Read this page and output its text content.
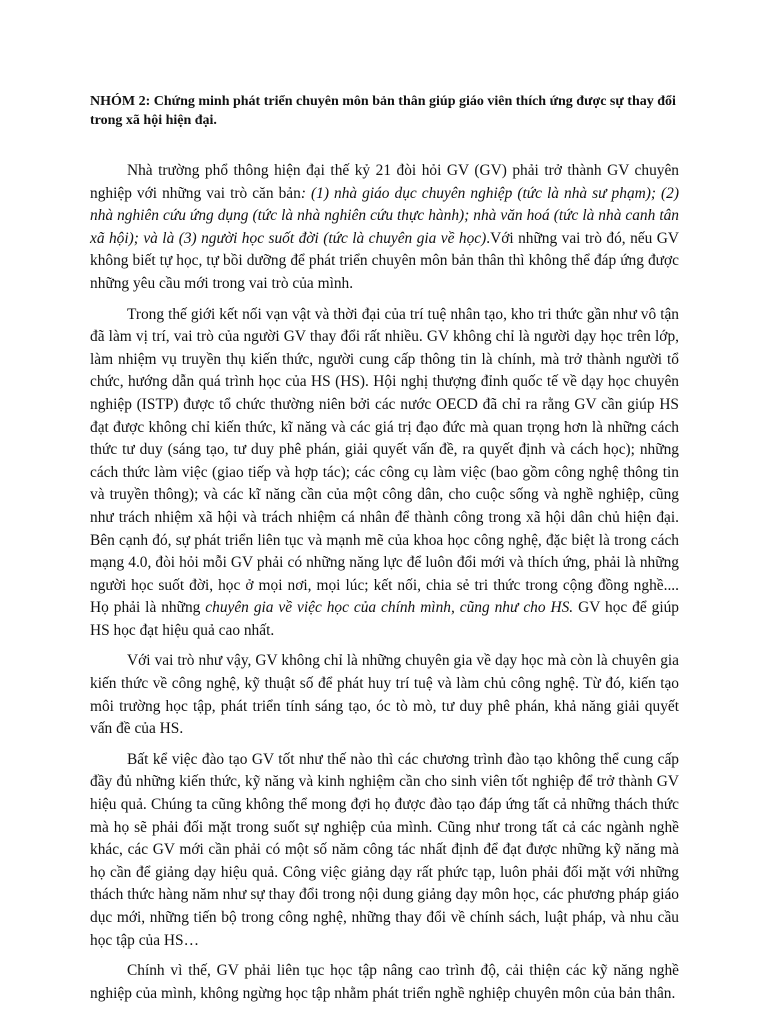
NHÓM 2: Chứng minh phát triển chuyên môn bản thân giúp giáo viên thích ứng được sự thay đổi trong xã hội hiện đại.

Nhà trường phổ thông hiện đại thế kỷ 21 đòi hỏi GV (GV) phải trở thành GV chuyên nghiệp với những vai trò căn bản: (1) nhà giáo dục chuyên nghiệp (tức là nhà sư phạm); (2) nhà nghiên cứu ứng dụng (tức là nhà nghiên cứu thực hành); nhà văn hoá (tức là nhà canh tân xã hội); và là (3) người học suốt đời (tức là chuyên gia về học).Với những vai trò đó, nếu GV không biết tự học, tự bồi dưỡng để phát triển chuyên môn bản thân thì không thể đáp ứng được những yêu cầu mới trong vai trò của mình.

Trong thế giới kết nối vạn vật và thời đại của trí tuệ nhân tạo, kho tri thức gần như vô tận đã làm vị trí, vai trò của người GV thay đổi rất nhiều. GV không chỉ là người dạy học trên lớp, làm nhiệm vụ truyền thụ kiến thức, người cung cấp thông tin là chính, mà trở thành người tổ chức, hướng dẫn quá trình học của HS (HS). Hội nghị thượng đỉnh quốc tế về dạy học chuyên nghiệp (ISTP) được tổ chức thường niên bởi các nước OECD đã chỉ ra rằng GV cần giúp HS đạt được không chỉ kiến thức, kĩ năng và các giá trị đạo đức mà quan trọng hơn là những cách thức tư duy (sáng tạo, tư duy phê phán, giải quyết vấn đề, ra quyết định và cách học); những cách thức làm việc (giao tiếp và hợp tác); các công cụ làm việc (bao gồm công nghệ thông tin và truyền thông); và các kĩ năng cần của một công dân, cho cuộc sống và nghề nghiệp, cũng như trách nhiệm xã hội và trách nhiệm cá nhân để thành công trong xã hội dân chủ hiện đại. Bên cạnh đó, sự phát triển liên tục và mạnh mẽ của khoa học công nghệ, đặc biệt là trong cách mạng 4.0, đòi hỏi mỗi GV phải có những năng lực để luôn đổi mới và thích ứng, phải là những người học suốt đời, học ở mọi nơi, mọi lúc; kết nối, chia sẻ tri thức trong cộng đồng nghề.... Họ phải là những chuyên gia về việc học của chính mình, cũng như cho HS. GV học để giúp HS học đạt hiệu quả cao nhất.

Với vai trò như vậy, GV không chỉ là những chuyên gia về dạy học mà còn là chuyên gia kiến thức về công nghệ, kỹ thuật số để phát huy trí tuệ và làm chủ công nghệ. Từ đó, kiến tạo môi trường học tập, phát triển tính sáng tạo, óc tò mò, tư duy phê phán, khả năng giải quyết vấn đề của HS.

Bất kể việc đào tạo GV tốt như thế nào thì các chương trình đào tạo không thể cung cấp đầy đủ những kiến thức, kỹ năng và kinh nghiệm cần cho sinh viên tốt nghiệp để trở thành GV hiệu quả. Chúng ta cũng không thể mong đợi họ được đào tạo đáp ứng tất cả những thách thức mà họ sẽ phải đối mặt trong suốt sự nghiệp của mình. Cũng như trong tất cả các ngành nghề khác, các GV mới cần phải có một số năm công tác nhất định để đạt được những kỹ năng mà họ cần để giảng dạy hiệu quả. Công việc giảng dạy rất phức tạp, luôn phải đối mặt với những thách thức hàng năm như sự thay đổi trong nội dung giảng dạy môn học, các phương pháp giáo dục mới, những tiến bộ trong công nghệ, những thay đổi về chính sách, luật pháp, và nhu cầu học tập của HS…

Chính vì thế, GV phải liên tục học tập nâng cao trình độ, cải thiện các kỹ năng nghề nghiệp của mình, không ngừng học tập nhằm phát triển nghề nghiệp chuyên môn của bản thân.
